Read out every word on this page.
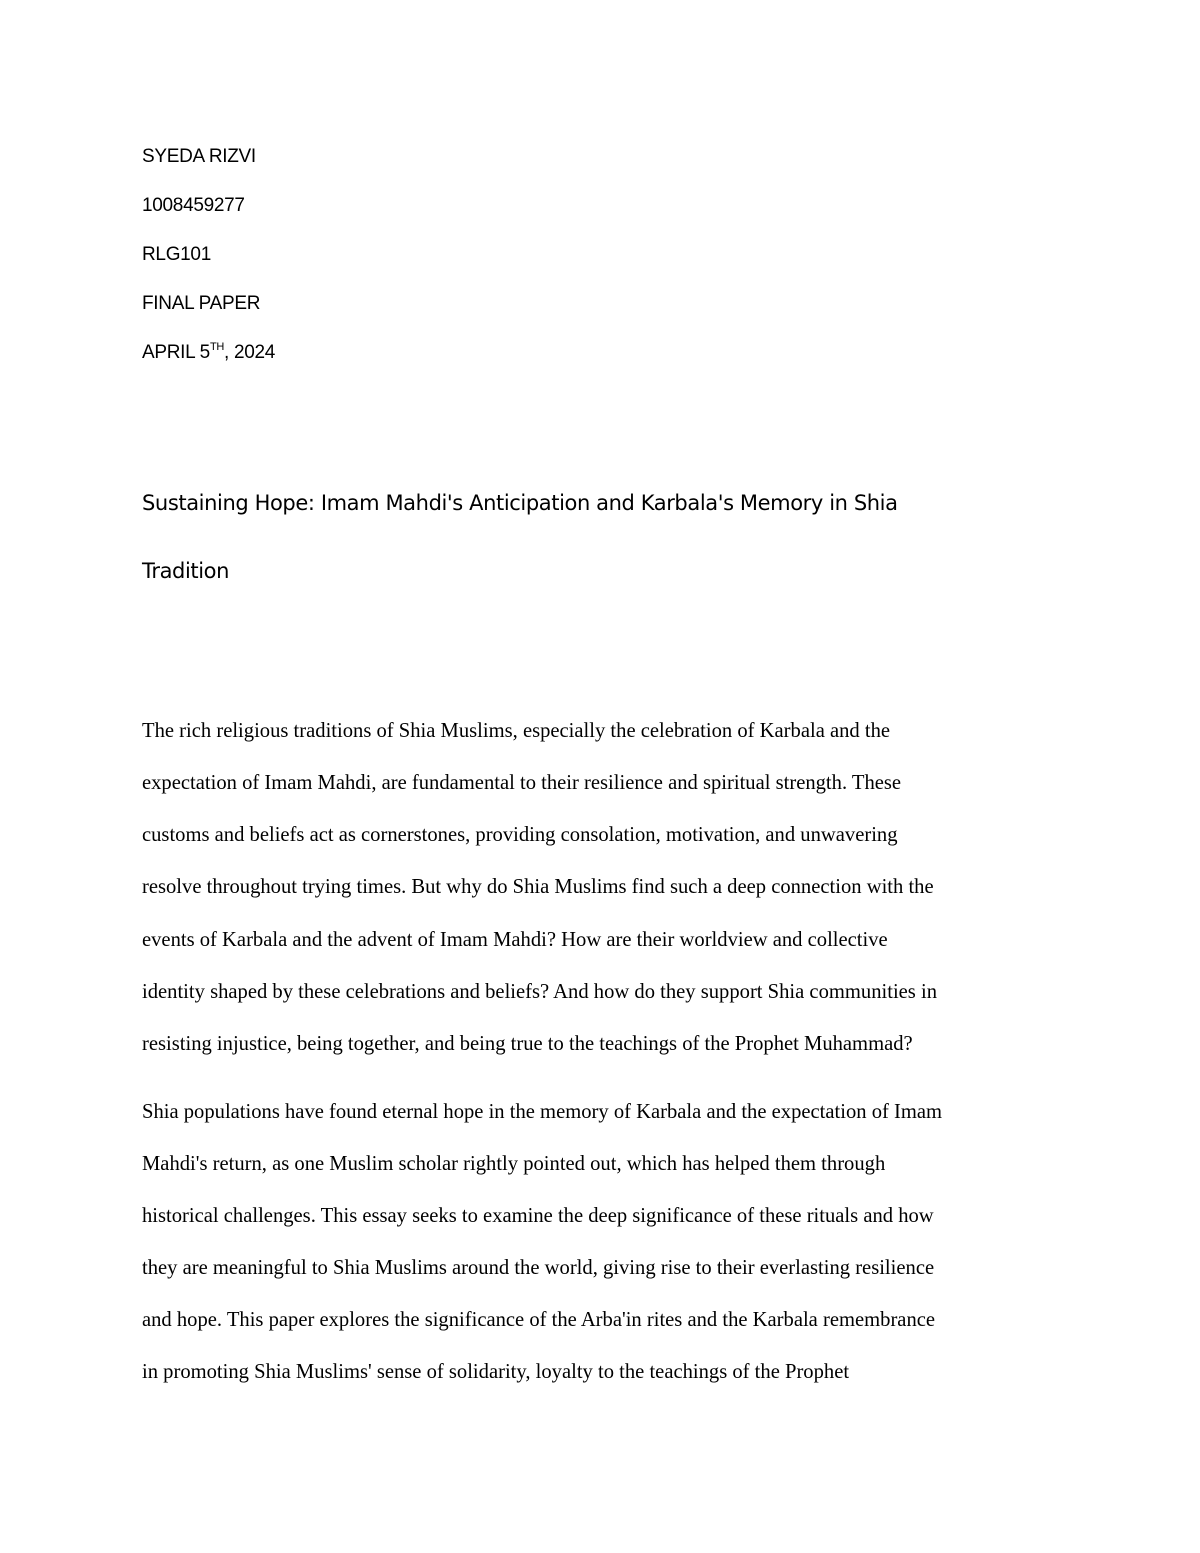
SYEDA RIZVI
1008459277
RLG101
FINAL PAPER
APRIL 5TH, 2024
Sustaining Hope: Imam Mahdi's Anticipation and Karbala's Memory in Shia
Tradition
The rich religious traditions of Shia Muslims, especially the celebration of Karbala and the
expectation of Imam Mahdi, are fundamental to their resilience and spiritual strength. These
customs and beliefs act as cornerstones, providing consolation, motivation, and unwavering
resolve throughout trying times. But why do Shia Muslims find such a deep connection with the
events of Karbala and the advent of Imam Mahdi? How are their worldview and collective
identity shaped by these celebrations and beliefs? And how do they support Shia communities in
resisting injustice, being together, and being true to the teachings of the Prophet Muhammad?
Shia populations have found eternal hope in the memory of Karbala and the expectation of Imam
Mahdi's return, as one Muslim scholar rightly pointed out, which has helped them through
historical challenges. This essay seeks to examine the deep significance of these rituals and how
they are meaningful to Shia Muslims around the world, giving rise to their everlasting resilience
and hope. This paper explores the significance of the Arba'in rites and the Karbala remembrance
in promoting Shia Muslims' sense of solidarity, loyalty to the teachings of the Prophet
